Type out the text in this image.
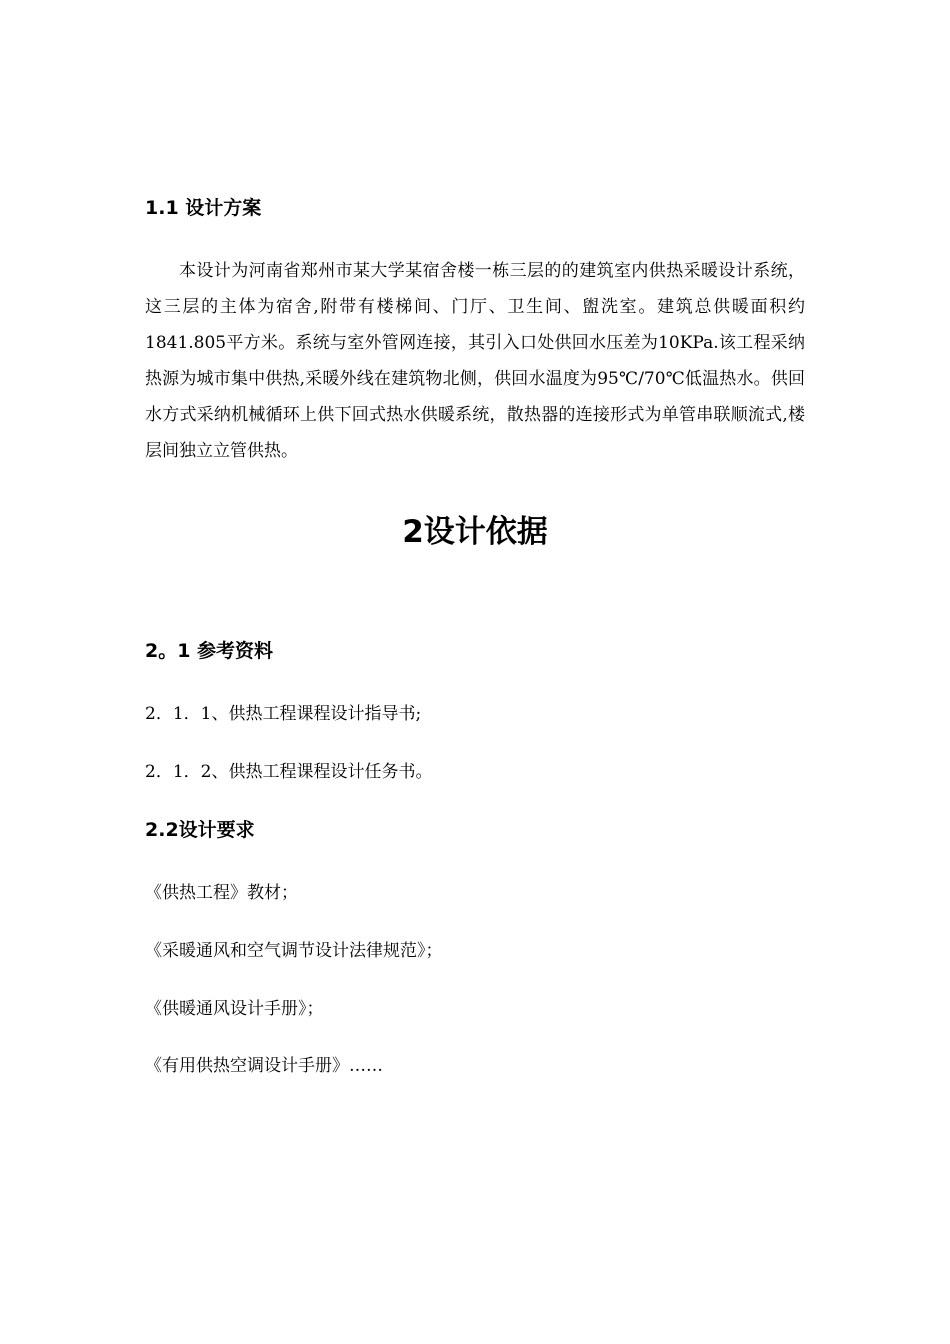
1.1 设计方案

本设计为河南省郑州市某大学某宿舍楼一栋三层的的建筑室内供热采暖设计系统，这三层的主体为宿舍,附带有楼梯间、门厅、卫生间、盥洗室。建筑总供暖面积约1841.805平方米。系统与室外管网连接，其引入口处供回水压差为10KPa.该工程采纳热源为城市集中供热,采暖外线在建筑物北侧，供回水温度为95℃/70℃低温热水。供回水方式采纳机械循环上供下回式热水供暖系统，散热器的连接形式为单管串联顺流式,楼层间独立立管供热。

2设计依据
2。1 参考资料

2．1．1、供热工程课程设计指导书;

2．1．2、供热工程课程设计任务书。

2.2设计要求

《供热工程》教材；

《采暖通风和空气调节设计法律规范》；

《供暖通风设计手册》；

《有用供热空调设计手册》……
